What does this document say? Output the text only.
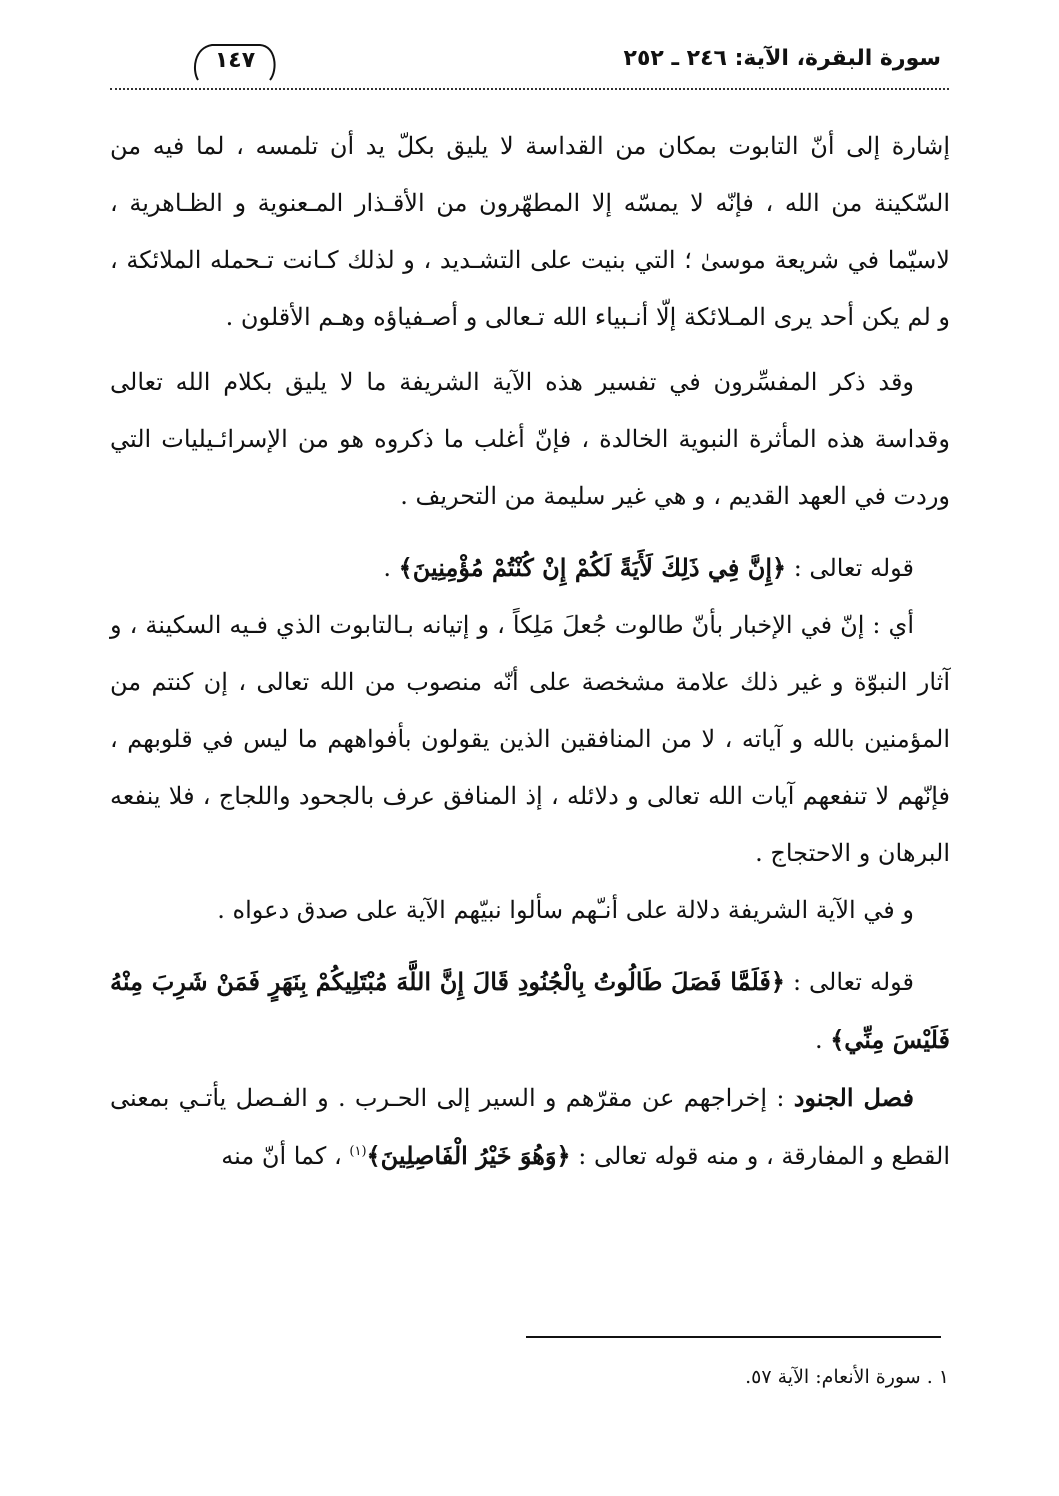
سورة البقرة، الآية: ٢٤٦ ـ ٢٥٢
١٤٧

إشارة إلى أنّ التابوت بمكان من القداسة لا يليق بكلّ يد أن تلمسه ، لما فيه من السّكينة من الله ، فإنّه لا يمسّه إلا المطهّرون من الأقـذار المـعنوية و الظـاهرية ، لاسيّما في شريعة موسىٰ ؛ التي بنيت على التشـديد ، و لذلك كـانت تـحمله الملائكة ، و لم يكن أحد يرى المـلائكة إلّا أنـبياء الله تـعالى و أصـفياؤه وهـم الأقلون .

وقد ذكر المفسِّرون في تفسير هذه الآية الشريفة ما لا يليق بكلام الله تعالى وقداسة هذه المأثرة النبوية الخالدة ، فإنّ أغلب ما ذكروه هو من الإسرائـيليات التي وردت في العهد القديم ، و هي غير سليمة من التحريف .

قوله تعالى : ﴿إِنَّ فِي ذَلِكَ لَأَيَةً لَكُمْ إِنْ كُنْتُمْ مُؤْمِنِينَ﴾ .

أي : إنّ في الإخبار بأنّ طالوت جُعلَ مَلِكاً ، و إتيانه بـالتابوت الذي فـيه السكينة ، و آثار النبوّة و غير ذلك علامة مشخصة على أنّه منصوب من الله تعالى ، إن كنتم من المؤمنين بالله و آياته ، لا من المنافقين الذين يقولون بأفواههم ما ليس في قلوبهم ، فإنّهم لا تنفعهم آيات الله تعالى و دلائله ، إذ المنافق عرف بالجحود واللجاج ، فلا ينفعه البرهان و الاحتجاج .

و في الآية الشريفة دلالة على أنـّهم سألوا نبيّهم الآية على صدق دعواه .

قوله تعالى : ﴿فَلَمَّا فَصَلَ طَالُوتُ بِالْجُنُودِ قَالَ إِنَّ اللَّهَ مُبْتَلِيكُمْ بِنَهَرٍ فَمَنْ شَرِبَ مِنْهُ فَلَيْسَ مِنِّي﴾ .

فصل الجنود : إخراجهم عن مقرّهم و السير إلى الحـرب . و الفـصل يأتـي بمعنى القطع و المفارقة ، و منه قوله تعالى : ﴿وَهُوَ خَيْرُ الْفَاصِلِينَ﴾$^{(١)}$ ، كما أنّ منه

١ . سورة الأنعام: الآية ٥٧.
